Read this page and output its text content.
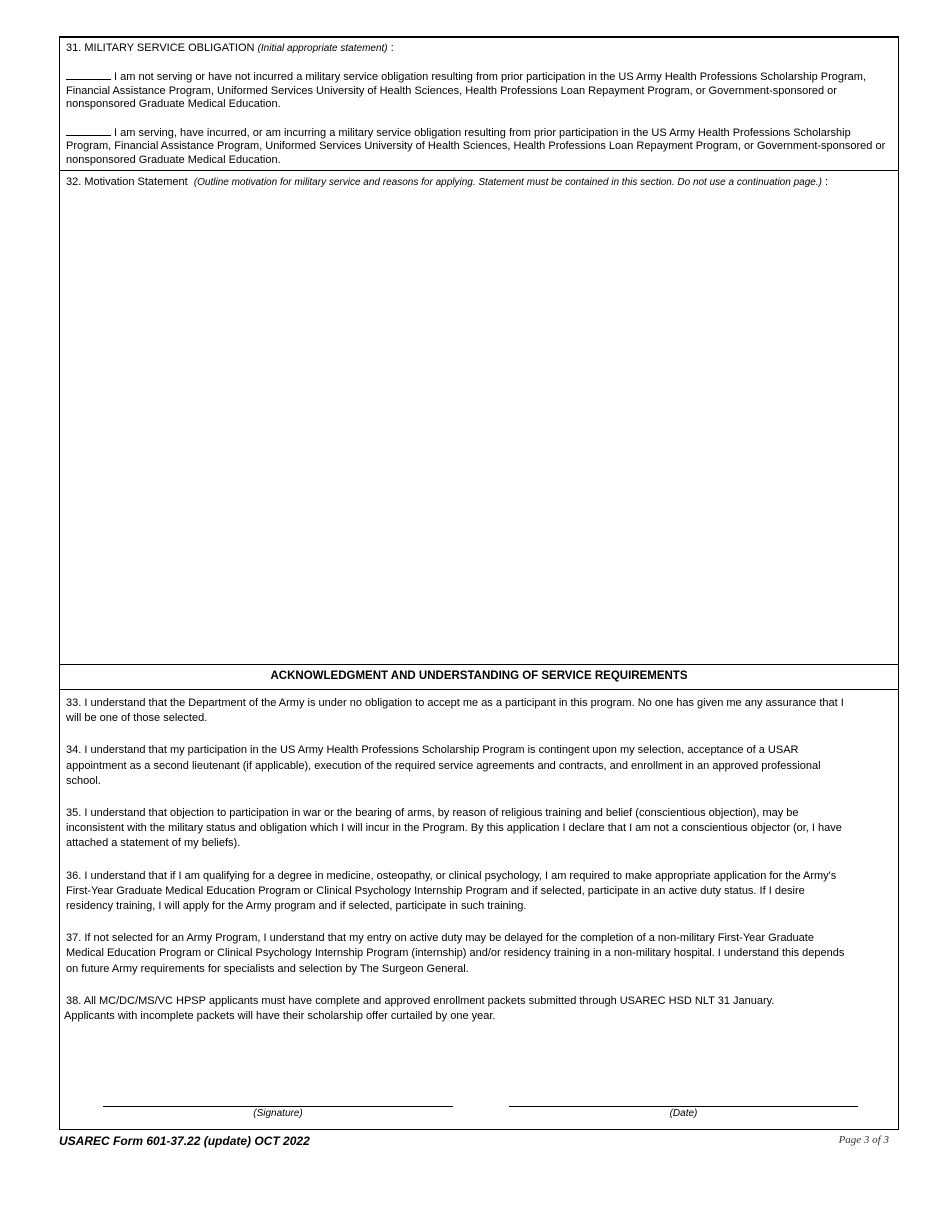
31. MILITARY SERVICE OBLIGATION (Initial appropriate statement) :
I am not serving or have not incurred a military service obligation resulting from prior participation in the US Army Health Professions Scholarship Program, Financial Assistance Program, Uniformed Services University of Health Sciences, Health Professions Loan Repayment Program, or Government-sponsored or nonsponsored Graduate Medical Education.
I am serving, have incurred, or am incurring a military service obligation resulting from prior participation in the US Army Health Professions Scholarship Program, Financial Assistance Program, Uniformed Services University of Health Sciences, Health Professions Loan Repayment Program, or Government-sponsored or nonsponsored Graduate Medical Education.
32. Motivation Statement (Outline motivation for military service and reasons for applying. Statement must be contained in this section. Do not use a continuation page.) :
ACKNOWLEDGMENT AND UNDERSTANDING OF SERVICE REQUIREMENTS
33. I understand that the Department of the Army is under no obligation to accept me as a participant in this program. No one has given me any assurance that I will be one of those selected.
34. I understand that my participation in the US Army Health Professions Scholarship Program is contingent upon my selection, acceptance of a USAR appointment as a second lieutenant (if applicable), execution of the required service agreements and contracts, and enrollment in an approved professional school.
35. I understand that objection to participation in war or the bearing of arms, by reason of religious training and belief (conscientious objection), may be inconsistent with the military status and obligation which I will incur in the Program. By this application I declare that I am not a conscientious objector (or, I have attached a statement of my beliefs).
36. I understand that if I am qualifying for a degree in medicine, osteopathy, or clinical psychology, I am required to make appropriate application for the Army's First-Year Graduate Medical Education Program or Clinical Psychology Internship Program and if selected, participate in an active duty status. If I desire residency training, I will apply for the Army program and if selected, participate in such training.
37. If not selected for an Army Program, I understand that my entry on active duty may be delayed for the completion of a non-military First-Year Graduate Medical Education Program or Clinical Psychology Internship Program (internship) and/or residency training in a non-military hospital. I understand this depends on future Army requirements for specialists and selection by The Surgeon General.
38. All MC/DC/MS/VC HPSP applicants must have complete and approved enrollment packets submitted through USAREC HSD NLT 31 January.
Applicants with incomplete packets will have their scholarship offer curtailed by one year.
(Signature)	(Date)
USAREC Form 601-37.22 (update) OCT 2022	Page 3 of 3
